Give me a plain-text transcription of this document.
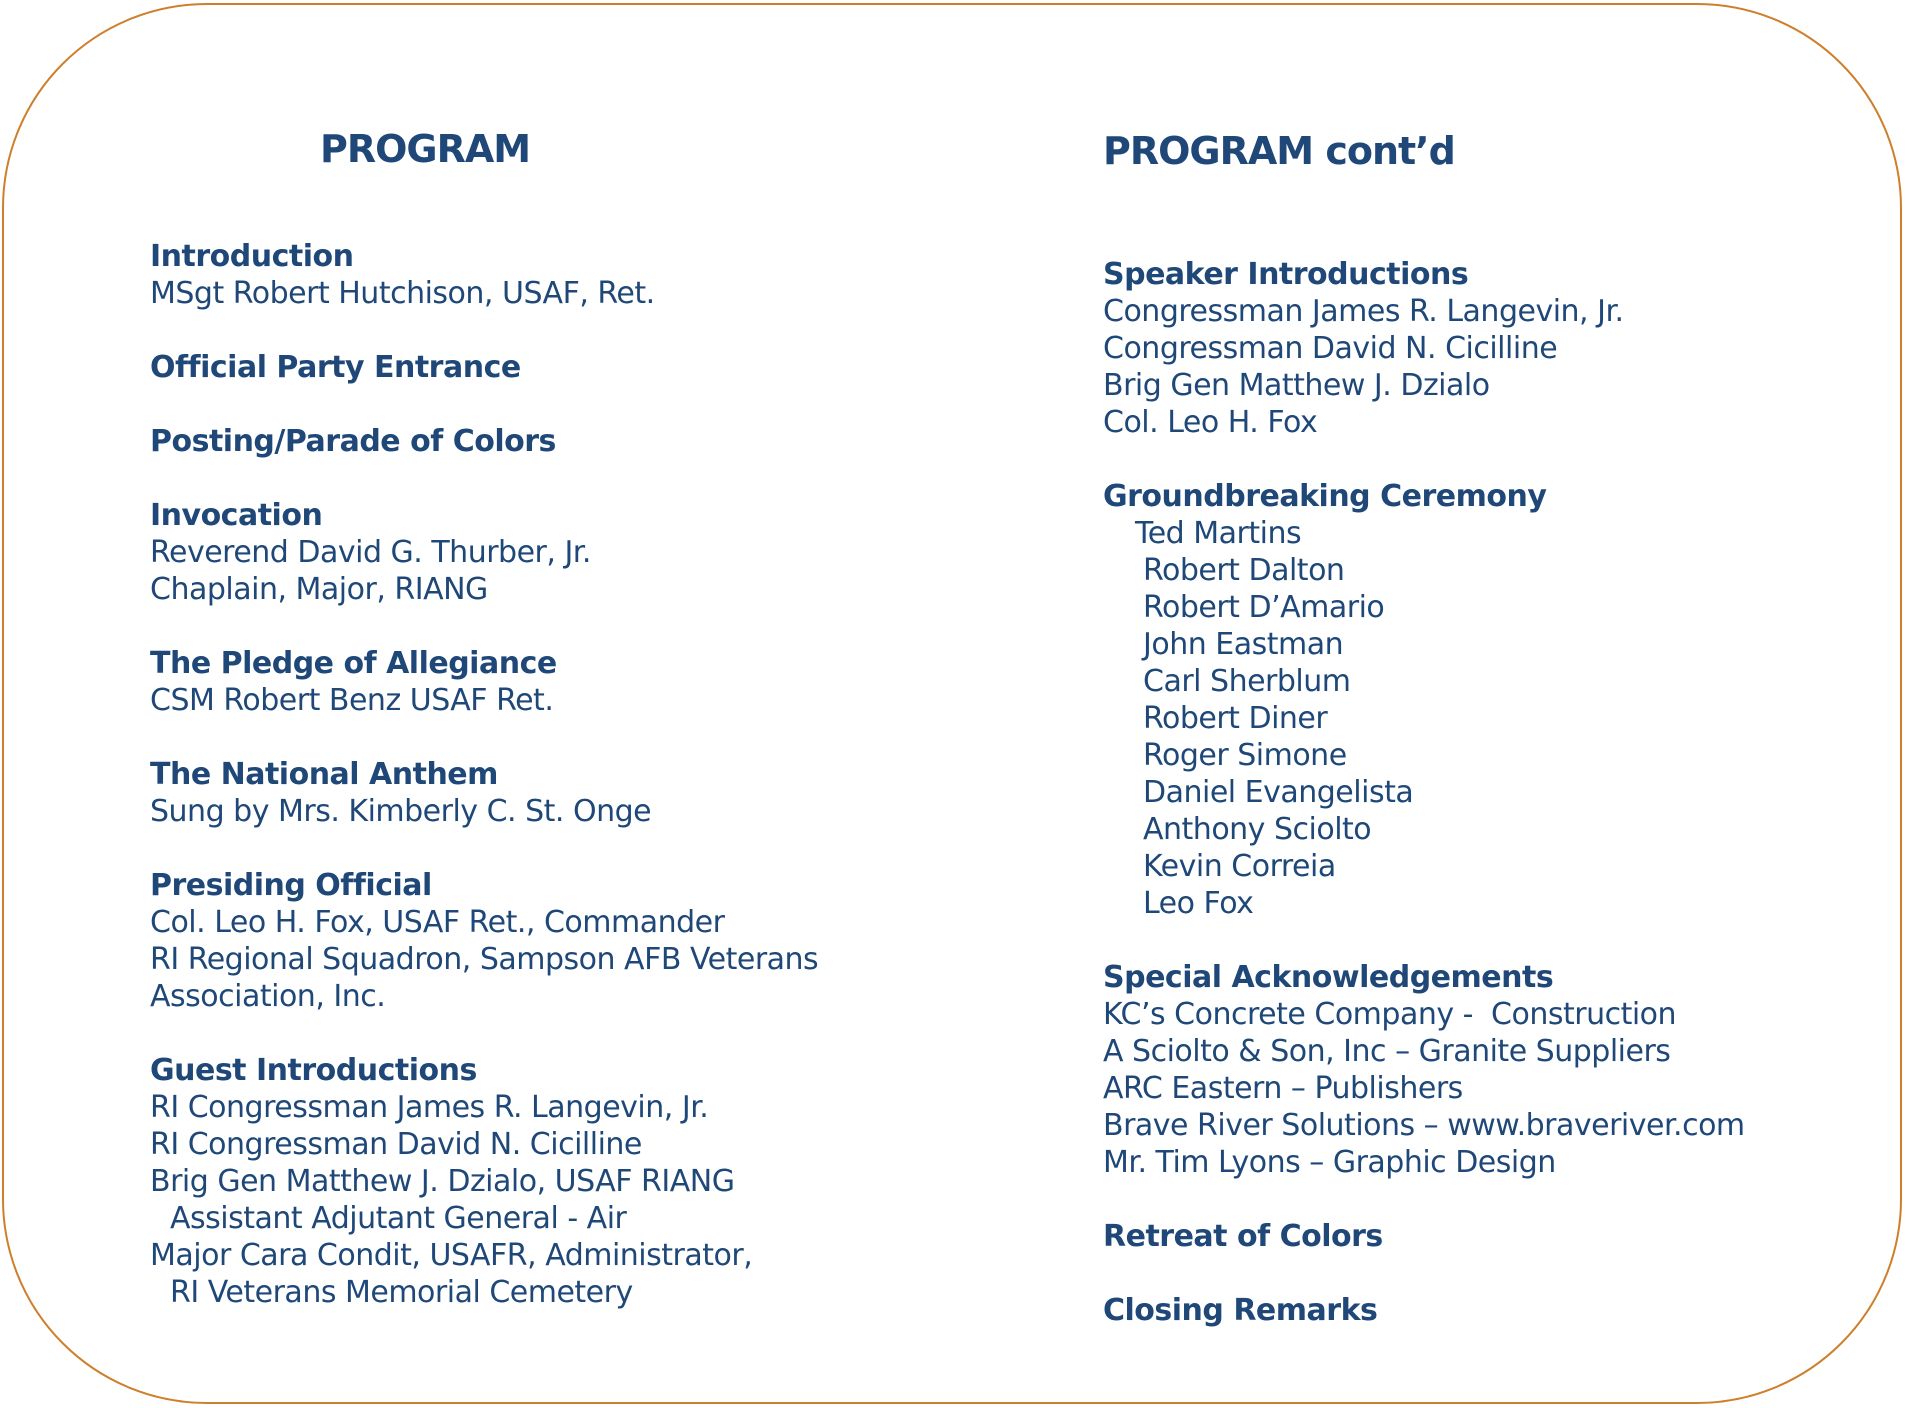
PROGRAM
Introduction
MSgt Robert Hutchison, USAF, Ret.
Official Party Entrance
Posting/Parade of Colors
Invocation
Reverend David G. Thurber, Jr.
Chaplain, Major, RIANG
The Pledge of Allegiance
CSM Robert Benz USAF Ret.
The National Anthem
Sung by Mrs. Kimberly C. St. Onge
Presiding Official
Col. Leo H. Fox, USAF Ret., Commander
RI Regional Squadron, Sampson AFB Veterans
Association, Inc.
Guest Introductions
RI Congressman James R. Langevin, Jr.
RI Congressman David N. Cicilline
Brig Gen Matthew J. Dzialo, USAF RIANG
Assistant Adjutant General - Air
Major Cara Condit, USAFR, Administrator,
RI Veterans Memorial Cemetery
PROGRAM cont’d
Speaker Introductions
Congressman James R. Langevin, Jr.
Congressman David N. Cicilline
Brig Gen Matthew J. Dzialo
Col. Leo H. Fox
Groundbreaking Ceremony
Ted Martins
Robert Dalton
Robert D’Amario
John Eastman
Carl Sherblum
Robert Diner
Roger Simone
Daniel Evangelista
Anthony Sciolto
Kevin Correia
Leo Fox
Special Acknowledgements
KC’s Concrete Company -  Construction
A Sciolto & Son, Inc – Granite Suppliers
ARC Eastern – Publishers
Brave River Solutions – www.braveriver.com
Mr. Tim Lyons – Graphic Design
Retreat of Colors
Closing Remarks
